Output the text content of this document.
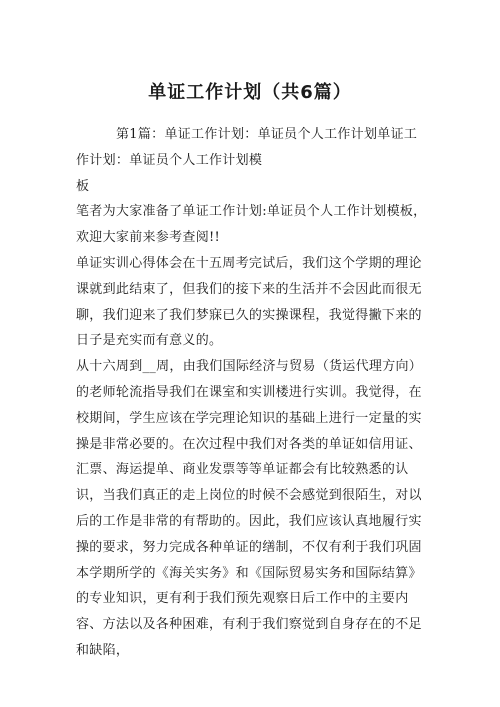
单证工作计划（共6篇）

第1篇：单证工作计划：单证员个人工作计划单证工作计划：单证员个人工作计划模

板

笔者为大家准备了单证工作计划:单证员个人工作计划模板，欢迎大家前来参考查阅!!

单证实训心得体会在十五周考完试后，我们这个学期的理论课就到此结束了，但我们的接下来的生活并不会因此而很无聊，我们迎来了我们梦寐已久的实操课程，我觉得撇下来的日子是充实而有意义的。

从十六周到__周，由我们国际经济与贸易（货运代理方向）的老师轮流指导我们在课室和实训楼进行实训。我觉得，在校期间，学生应该在学完理论知识的基础上进行一定量的实操是非常必要的。在次过程中我们对各类的单证如信用证、汇票、海运提单、商业发票等等单证都会有比较熟悉的认识，当我们真正的走上岗位的时候不会感觉到很陌生，对以后的工作是非常的有帮助的。因此，我们应该认真地履行实操的要求，努力完成各种单证的缮制，不仅有利于我们巩固本学期所学的《海关实务》和《国际贸易实务和国际结算》的专业知识，更有利于我们预先观察日后工作中的主要内容、方法以及各种困难，有利于我们察觉到自身存在的不足和缺陷，
